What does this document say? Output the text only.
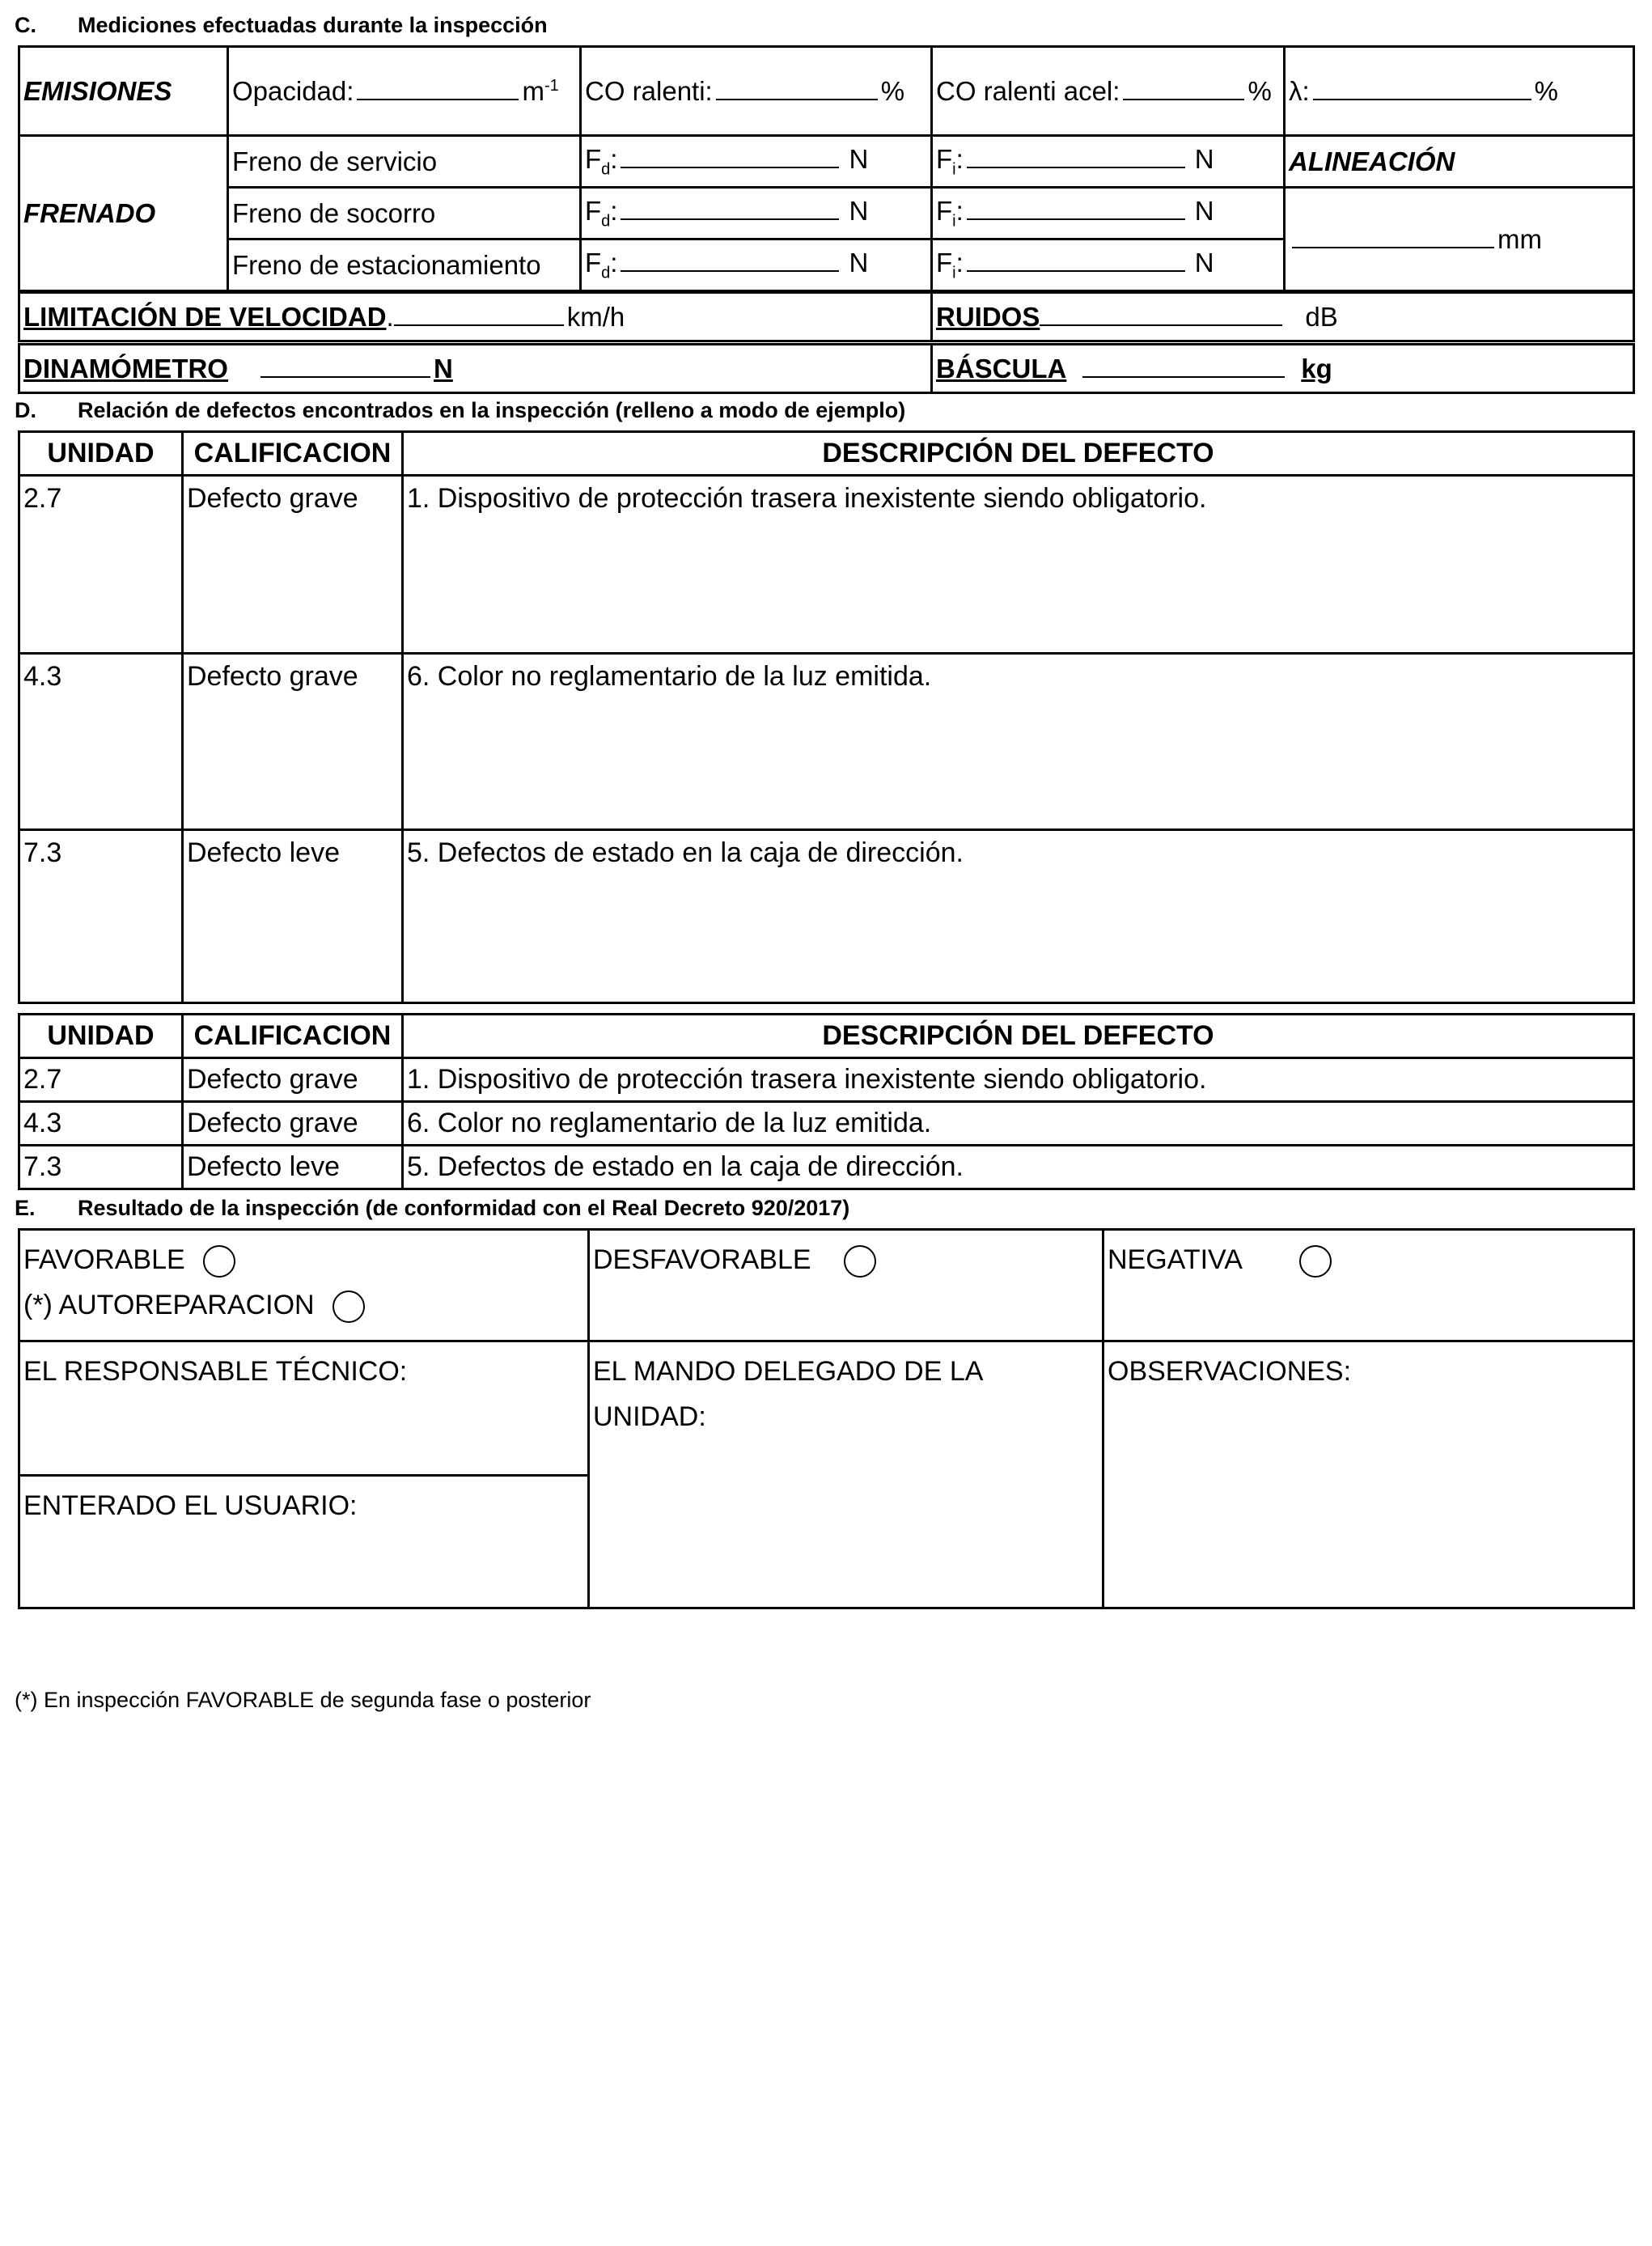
C. Mediciones efectuadas durante la inspección
EMISIONES	Opacidad:	$m^{-1}$	CO ralenti:	%	CO ralenti acel:	%	λ:	%
FRENADO	Freno de servicio	$F_d$: N	$F_i$: N	ALINEACIÓN
	Freno de socorro	$F_d$: N	$F_i$: N	mm
	Freno de estacionamiento	$F_d$: N	$F_i$: N	
LIMITACIÓN DE VELOCIDAD.	km/h	RUIDOS	dB
DINAMÓMETRO	N	BÁSCULA	kg
D. Relación de defectos encontrados en la inspección (relleno a modo de ejemplo)
UNIDAD	CALIFICACION	DESCRIPCIÓN DEL DEFECTO
2.7	Defecto grave	1. Dispositivo de protección trasera inexistente siendo obligatorio.
4.3	Defecto grave	6. Color no reglamentario de la luz emitida.
7.3	Defecto leve	5. Defectos de estado en la caja de dirección.
UNIDAD	CALIFICACION	DESCRIPCIÓN DEL DEFECTO
2.7	Defecto grave	1. Dispositivo de protección trasera inexistente siendo obligatorio.
4.3	Defecto grave	6. Color no reglamentario de la luz emitida.
7.3	Defecto leve	5. Defectos de estado en la caja de dirección.
E. Resultado de la inspección (de conformidad con el Real Decreto 920/2017)
FAVORABLE
(*) AUTOREPARACION	DESFAVORABLE	NEGATIVA

EL RESPONSABLE TÉCNICO:	EL MANDO DELEGADO DE LA UNIDAD:	OBSERVACIONES:
ENTERADO EL USUARIO:		
(*) En inspección FAVORABLE de segunda fase o posterior
